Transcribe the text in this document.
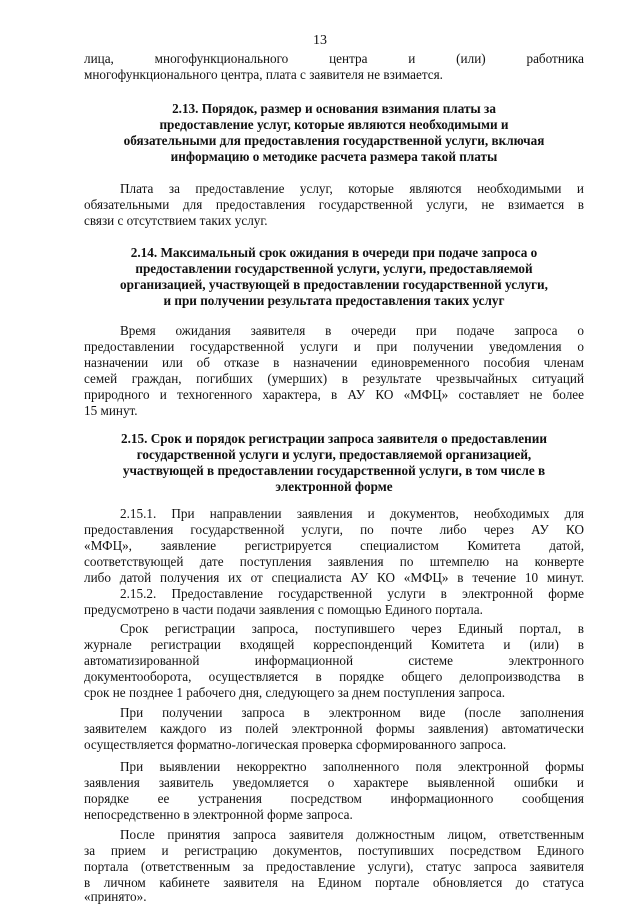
13
лица, многофункционального центра и (или) работника
многофункционального центра, плата с заявителя не взимается.
2.13. Порядок, размер и основания взимания платы за
предоставление услуг, которые являются необходимыми и
обязательными для предоставления государственной услуги, включая
информацию о методике расчета размера такой платы
Плата за предоставление услуг, которые являются необходимыми и
обязательными для предоставления государственной услуги, не взимается в
связи с отсутствием таких услуг.
2.14. Максимальный срок ожидания в очереди при подаче запроса о
предоставлении государственной услуги, услуги, предоставляемой
организацией, участвующей в предоставлении государственной услуги,
и при получении результата предоставления таких услуг
Время ожидания заявителя в очереди при подаче запроса о
предоставлении государственной услуги и при получении уведомления о
назначении или об отказе в назначении единовременного пособия членам
семей граждан, погибших (умерших) в результате чрезвычайных ситуаций
природного и техногенного характера, в АУ КО «МФЦ» составляет не более
15 минут.
2.15. Срок и порядок регистрации запроса заявителя о предоставлении
государственной услуги и услуги, предоставляемой организацией,
участвующей в предоставлении государственной услуги, в том числе в
электронной форме
2.15.1. При направлении заявления и документов, необходимых для
предоставления государственной услуги, по почте либо через АУ КО
«МФЦ», заявление регистрируется специалистом Комитета датой,
соответствующей дате поступления заявления по штемпелю на конверте
либо датой получения их от специалиста АУ КО «МФЦ» в течение 10 минут.
2.15.2. Предоставление государственной услуги в электронной форме
предусмотрено в части подачи заявления с помощью Единого портала.
Срок регистрации запроса, поступившего через Единый портал, в
журнале регистрации входящей корреспонденций Комитета и (или) в
автоматизированной информационной системе электронного
документооборота, осуществляется в порядке общего делопроизводства в
срок не позднее 1 рабочего дня, следующего за днем поступления запроса.
При получении запроса в электронном виде (после заполнения
заявителем каждого из полей электронной формы заявления) автоматически
осуществляется форматно-логическая проверка сформированного запроса.
При выявлении некорректно заполненного поля электронной формы
заявления заявитель уведомляется о характере выявленной ошибки и
порядке ее устранения посредством информационного сообщения
непосредственно в электронной форме запроса.
После принятия запроса заявителя должностным лицом, ответственным
за прием и регистрацию документов, поступивших посредством Единого
портала (ответственным за предоставление услуги), статус запроса заявителя
в личном кабинете заявителя на Едином портале обновляется до статуса
«принято».
